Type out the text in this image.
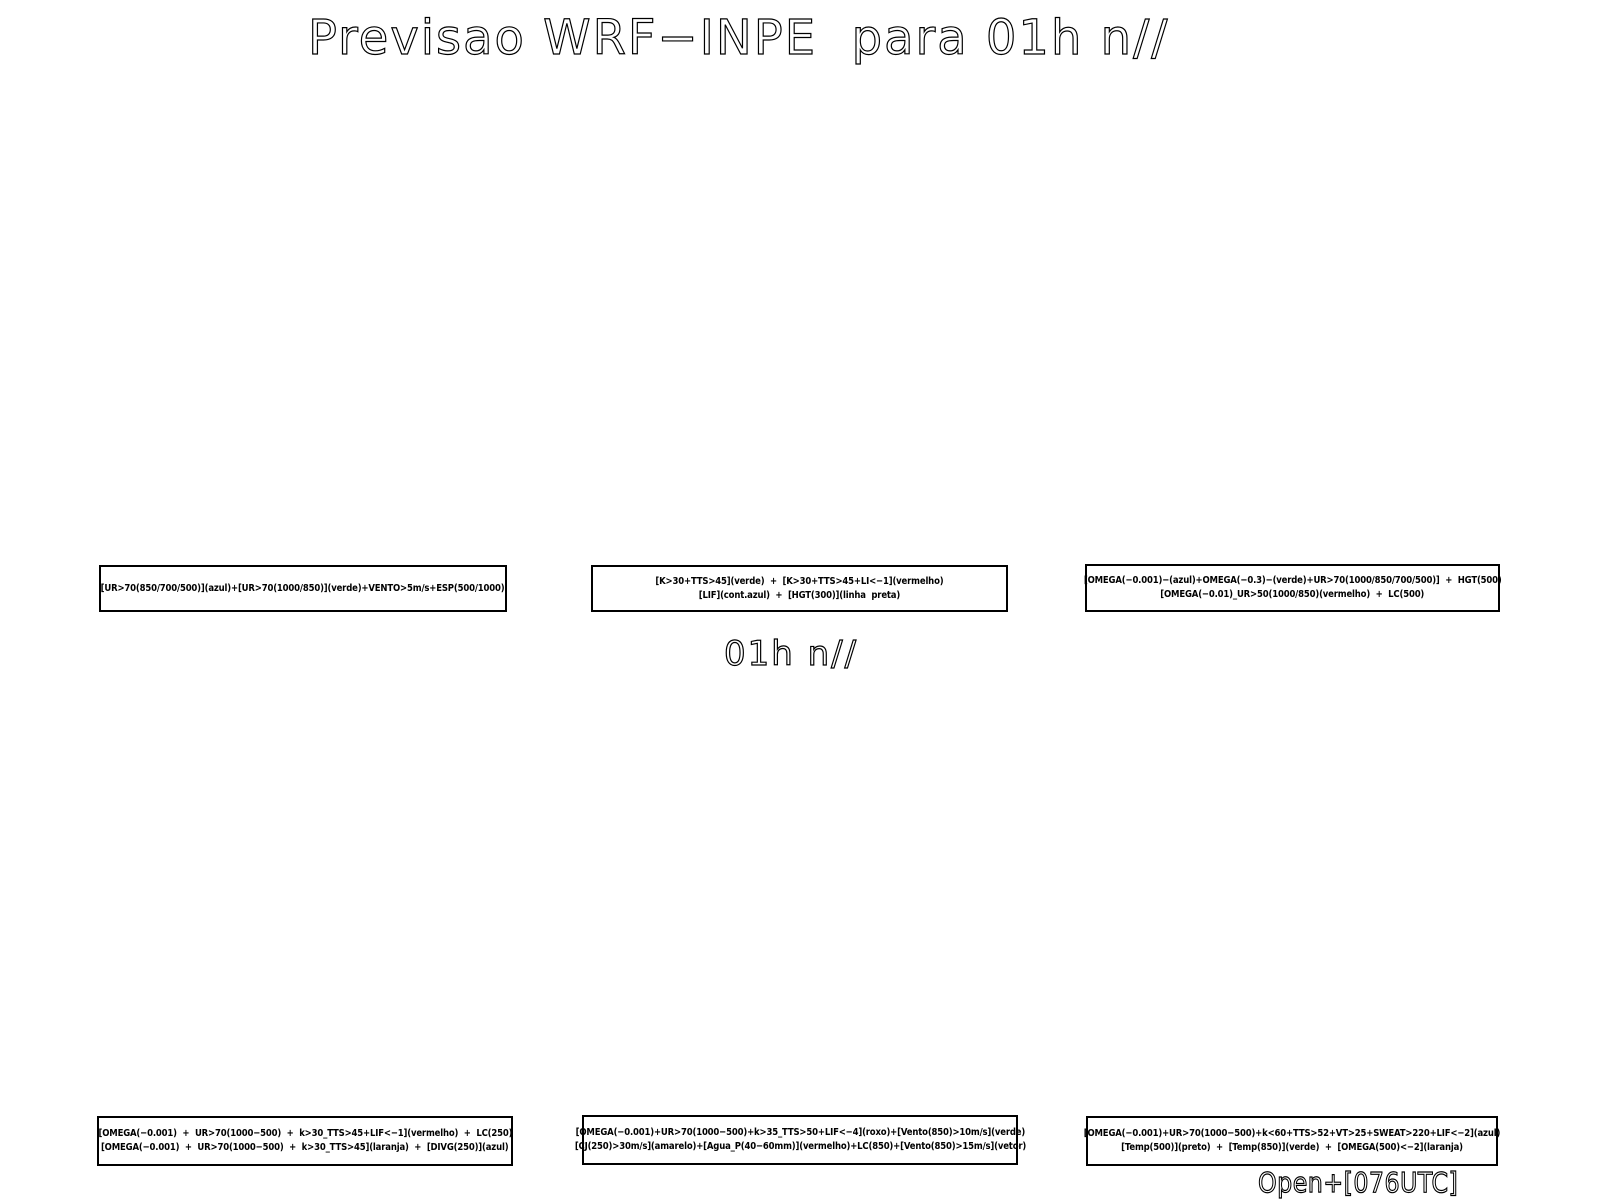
Previsao WRF−INPE  para 01h n//
[UR>70(850/700/500)](azul)+[UR>70(1000/850)](verde)+VENTO>5m/s+ESP(500/1000)
[K>30+TTS>45](verde)  +  [K>30+TTS>45+LI<−1](vermelho)
[LIF](cont.azul)  +  [HGT(300)](linha  preta)
[OMEGA(−0.001)−(azul)+OMEGA(−0.3)−(verde)+UR>70(1000/850/700/500)]  +  HGT(500)
[OMEGA(−0.01)_UR>50(1000/850)(vermelho)  +  LC(500)
01h n//
[OMEGA(−0.001)  +  UR>70(1000−500)  +  k>30_TTS>45+LIF<−1](vermelho)  +  LC(250)
[OMEGA(−0.001)  +  UR>70(1000−500)  +  k>30_TTS>45](laranja)  +  [DIVG(250)](azul)
[OMEGA(−0.001)+UR>70(1000−500)+k>35_TTS>50+LIF<−4](roxo)+[Vento(850)>10m/s](verde)
[CJ(250)>30m/s](amarelo)+[Agua_P(40−60mm)](vermelho)+LC(850)+[Vento(850)>15m/s](vetor)
[OMEGA(−0.001)+UR>70(1000−500)+k<60+TTS>52+VT>25+SWEAT>220+LIF<−2](azul)
[Temp(500)](preto)  +  [Temp(850)](verde)  +  [OMEGA(500)<−2](laranja)
Open+[076UTC]
